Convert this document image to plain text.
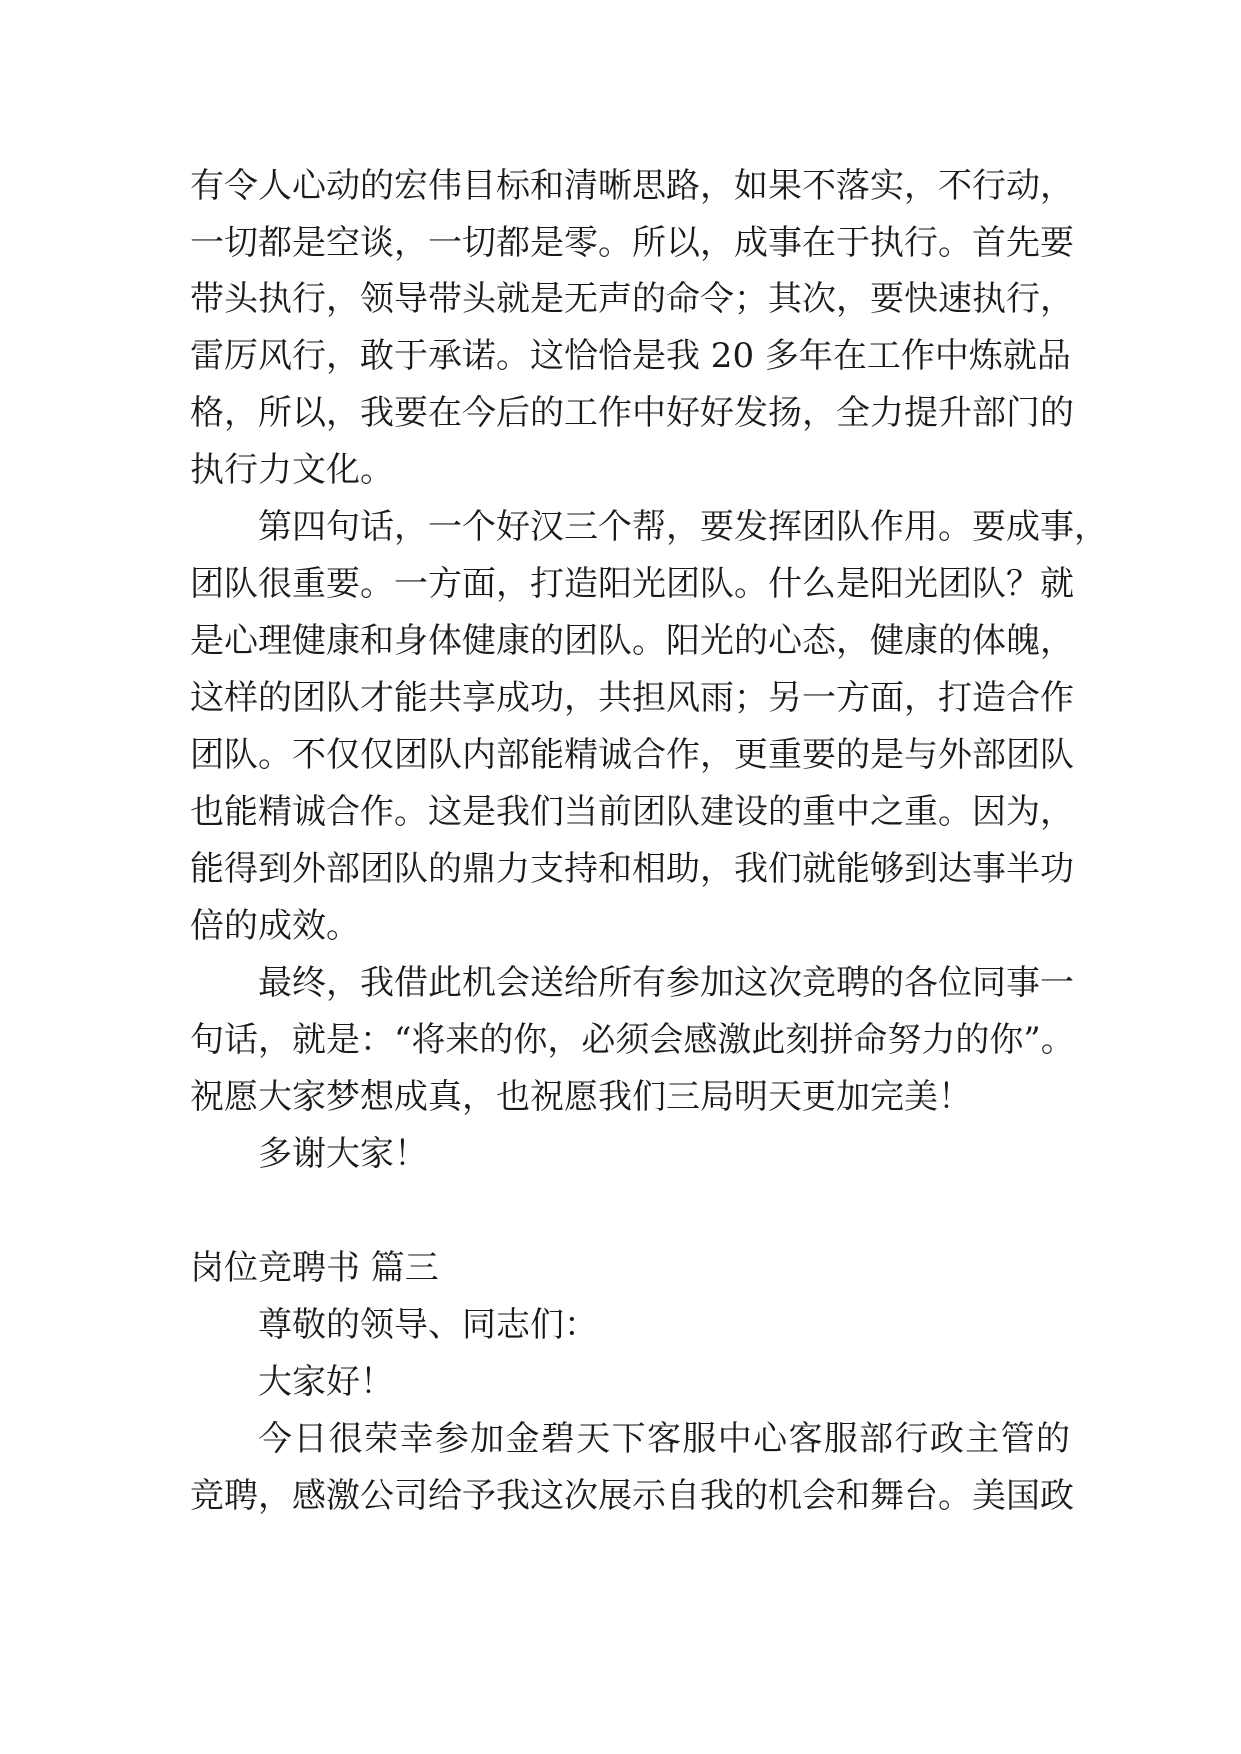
有令人心动的宏伟目标和清晰思路，如果不落实，不行动，
一切都是空谈，一切都是零。所以，成事在于执行。首先要
带头执行，领导带头就是无声的命令；其次，要快速执行，
雷厉风行，敢于承诺。这恰恰是我 20 多年在工作中炼就品
格，所以，我要在今后的工作中好好发扬，全力提升部门的
执行力文化。
第四句话，一个好汉三个帮，要发挥团队作用。要成事，
团队很重要。一方面，打造阳光团队。什么是阳光团队？就
是心理健康和身体健康的团队。阳光的心态，健康的体魄，
这样的团队才能共享成功，共担风雨；另一方面，打造合作
团队。不仅仅团队内部能精诚合作，更重要的是与外部团队
也能精诚合作。这是我们当前团队建设的重中之重。因为，
能得到外部团队的鼎力支持和相助，我们就能够到达事半功
倍的成效。
最终，我借此机会送给所有参加这次竞聘的各位同事一
句话，就是：“将来的你，必须会感激此刻拼命努力的你”。
祝愿大家梦想成真，也祝愿我们三局明天更加完美！
多谢大家！
岗位竞聘书 篇三
尊敬的领导、同志们：
大家好！
今日很荣幸参加金碧天下客服中心客服部行政主管的
竞聘，感激公司给予我这次展示自我的机会和舞台。美国政
